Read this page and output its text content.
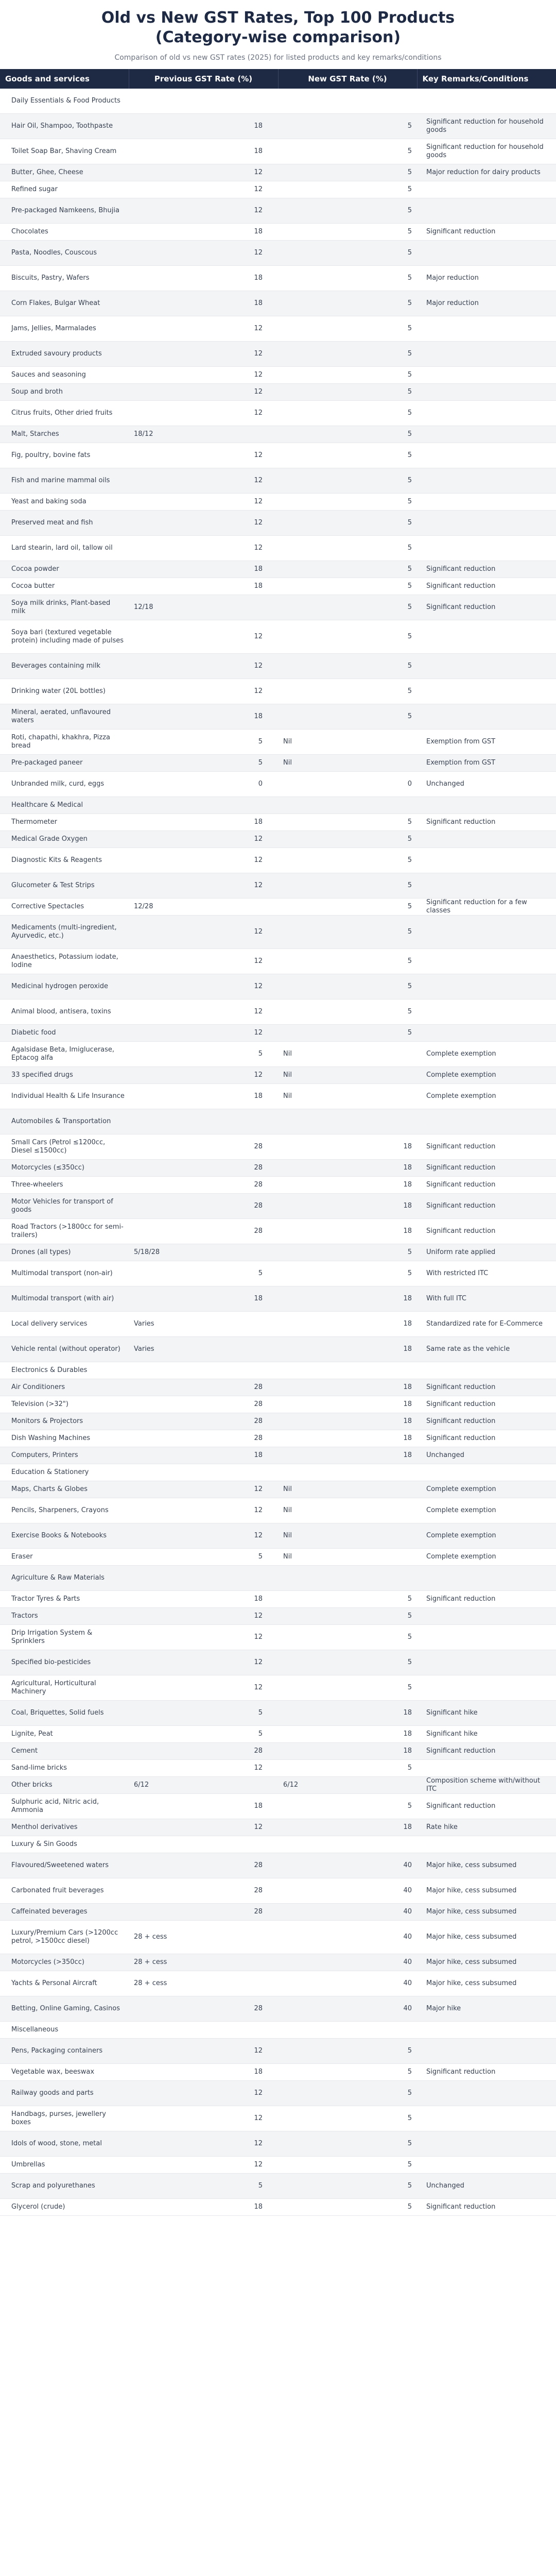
Old vs New GST Rates, Top 100 Products
(Category-wise comparison)
Comparison of old vs new GST rates (2025) for listed products and key remarks/conditions
Goods and services	Previous GST Rate (%)	New GST Rate (%)	Key Remarks/Conditions
Daily Essentials & Food Products	

Hair Oil, Shampoo, Toothpaste	18	5	Significant reduction for household goods
Toilet Soap Bar, Shaving Cream	18	5	Significant reduction for household goods
Butter, Ghee, Cheese	12	5	Major reduction for dairy products
Refined sugar	12	5	

Pre-packaged Namkeens, Bhujia	12	5	

Chocolates	18	5	Significant reduction
Pasta, Noodles, Couscous	12	5	

Biscuits, Pastry, Wafers	18	5	Major reduction
Corn Flakes, Bulgar Wheat	18	5	Major reduction
Jams, Jellies, Marmalades	12	5	

Extruded savoury products	12	5	

Sauces and seasoning	12	5	

Soup and broth	12	5	

Citrus fruits, Other dried fruits	12	5	

Malt, Starches	18/12	5	

Fig, poultry, bovine fats	12	5	

Fish and marine mammal oils	12	5	

Yeast and baking soda	12	5	

Preserved meat and fish	12	5	

Lard stearin, lard oil, tallow oil	12	5	

Cocoa powder	18	5	Significant reduction
Cocoa butter	18	5	Significant reduction
Soya milk drinks, Plant-based milk	12/18	5	Significant reduction
Soya bari (textured vegetable protein) including made of pulses	12	5	

Beverages containing milk	12	5	

Drinking water (20L bottles)	12	5	

Mineral, aerated, unflavoured waters	18	5	

Roti, chapathi, khakhra, Pizza bread	5	Nil	Exemption from GST
Pre-packaged paneer	5	Nil	Exemption from GST
Unbranded milk, curd, eggs	0	0	Unchanged
Healthcare & Medical	

Thermometer	18	5	Significant reduction
Medical Grade Oxygen	12	5	

Diagnostic Kits & Reagents	12	5	

Glucometer & Test Strips	12	5	

Corrective Spectacles	12/28	5	Significant reduction for a few classes
Medicaments (multi-ingredient, Ayurvedic, etc.)	12	5	

Anaesthetics, Potassium iodate, Iodine	12	5	

Medicinal hydrogen peroxide	12	5	

Animal blood, antisera, toxins	12	5	

Diabetic food	12	5	

Agalsidase Beta, Imiglucerase, Eptacog alfa	5	Nil	Complete exemption
33 specified drugs	12	Nil	Complete exemption
Individual Health & Life Insurance	18	Nil	Complete exemption
Automobiles & Transportation	

Small Cars (Petrol ≤1200cc, Diesel ≤1500cc)	28	18	Significant reduction
Motorcycles (≤350cc)	28	18	Significant reduction
Three-wheelers	28	18	Significant reduction
Motor Vehicles for transport of goods	28	18	Significant reduction
Road Tractors (>1800cc for semi-trailers)	28	18	Significant reduction
Drones (all types)	5/18/28	5	Uniform rate applied
Multimodal transport (non-air)	5	5	With restricted ITC
Multimodal transport (with air)	18	18	With full ITC
Local delivery services	Varies	18	Standardized rate for E-Commerce
Vehicle rental (without operator)	Varies	18	Same rate as the vehicle
Electronics & Durables	

Air Conditioners	28	18	Significant reduction
Television (>32")	28	18	Significant reduction
Monitors & Projectors	28	18	Significant reduction
Dish Washing Machines	28	18	Significant reduction
Computers, Printers	18	18	Unchanged
Education & Stationery	

Maps, Charts & Globes	12	Nil	Complete exemption
Pencils, Sharpeners, Crayons	12	Nil	Complete exemption
Exercise Books & Notebooks	12	Nil	Complete exemption
Eraser	5	Nil	Complete exemption
Agriculture & Raw Materials	

Tractor Tyres & Parts	18	5	Significant reduction
Tractors	12	5	

Drip Irrigation System & Sprinklers	12	5	

Specified bio-pesticides	12	5	

Agricultural, Horticultural Machinery	12	5	

Coal, Briquettes, Solid fuels	5	18	Significant hike
Lignite, Peat	5	18	Significant hike
Cement	28	18	Significant reduction
Sand-lime bricks	12	5	

Other bricks	6/12	6/12	Composition scheme with/without ITC
Sulphuric acid, Nitric acid, Ammonia	18	5	Significant reduction
Menthol derivatives	12	18	Rate hike
Luxury & Sin Goods	

Flavoured/Sweetened waters	28	40	Major hike, cess subsumed
Carbonated fruit beverages	28	40	Major hike, cess subsumed
Caffeinated beverages	28	40	Major hike, cess subsumed
Luxury/Premium Cars (>1200cc petrol, >1500cc diesel)	28 + cess	40	Major hike, cess subsumed
Motorcycles (>350cc)	28 + cess	40	Major hike, cess subsumed
Yachts & Personal Aircraft	28 + cess	40	Major hike, cess subsumed
Betting, Online Gaming, Casinos	28	40	Major hike
Miscellaneous	

Pens, Packaging containers	12	5	

Vegetable wax, beeswax	18	5	Significant reduction
Railway goods and parts	12	5	

Handbags, purses, jewellery boxes	12	5	

Idols of wood, stone, metal	12	5	

Umbrellas	12	5	

Scrap and polyurethanes	5	5	Unchanged
Glycerol (crude)	18	5	Significant reduction
